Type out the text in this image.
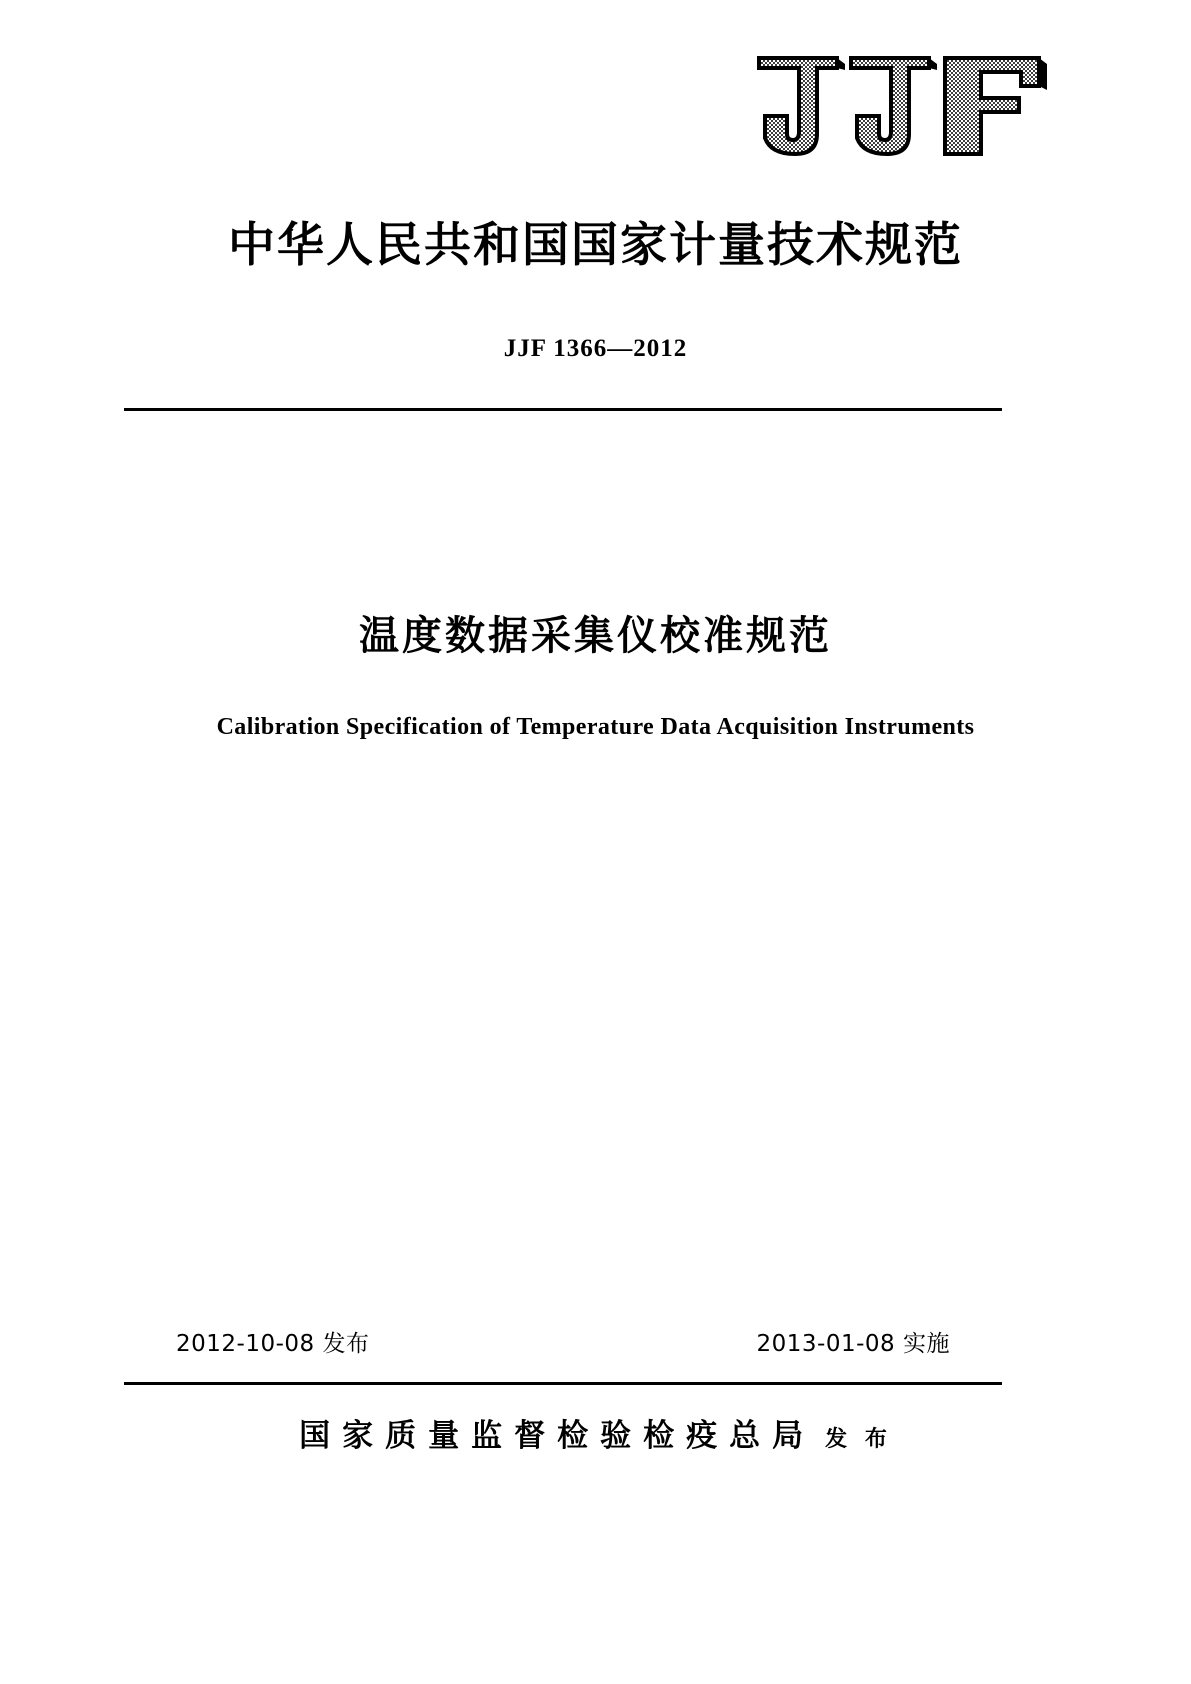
中华人民共和国国家计量技术规范
JJF 1366—2012
温度数据采集仪校准规范
Calibration Specification of Temperature Data Acquisition Instruments
2012-10-08 发布	2013-01-08 实施
国家质量监督检验检疫总局 发 布
